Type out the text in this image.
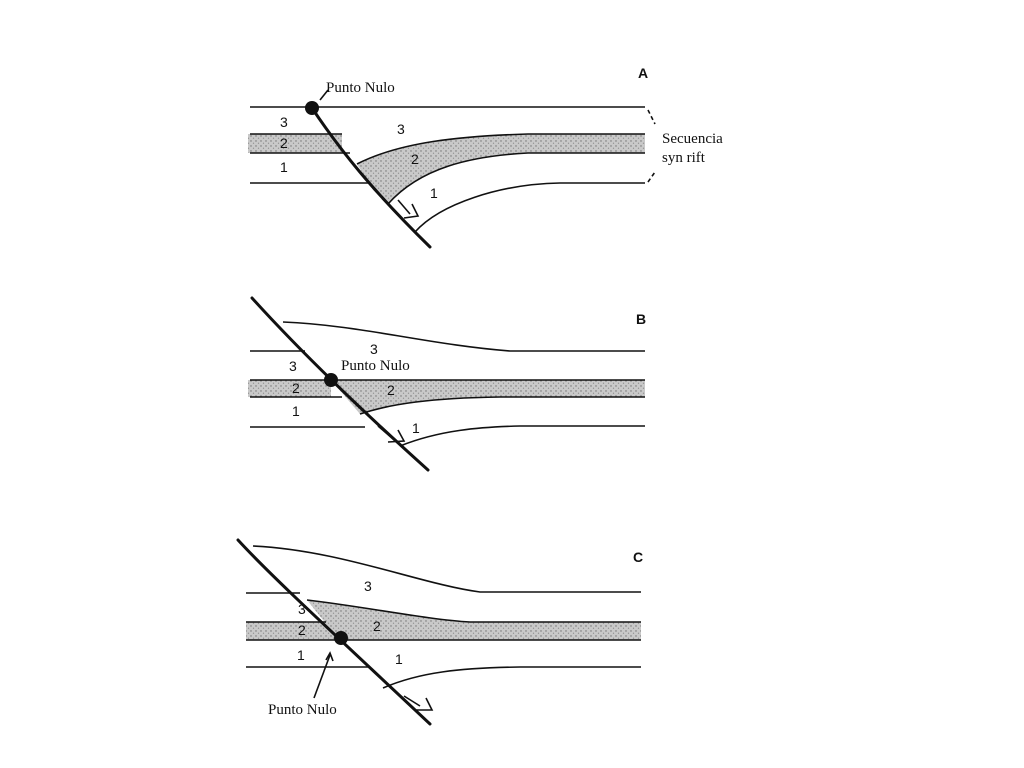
A
Punto Nulo
Secuencia
syn rift
3
2
1
3
2
1
B
Punto Nulo
3
2
1
3
2
1
C
Punto Nulo
3
2
1
3
2
1
